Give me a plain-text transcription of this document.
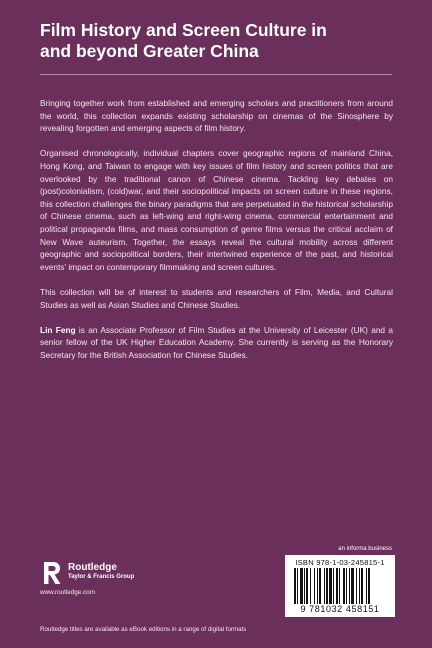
Film History and Screen Culture in
and beyond Greater China

Bringing together work from established and emerging scholars and practitioners from around the world, this collection expands existing scholarship on cinemas of the Sinosphere by revealing forgotten and emerging aspects of film history.

Organised chronologically, individual chapters cover geographic regions of mainland China, Hong Kong, and Taiwan to engage with key issues of film history and screen politics that are overlooked by the traditional canon of Chinese cinema. Tackling key debates on (post)colonialism, (cold)war, and their sociopolitical impacts on screen culture in these regions, this collection challenges the binary paradigms that are perpetuated in the historical scholarship of Chinese cinema, such as left-wing and right-wing cinema, commercial entertainment and political propaganda films, and mass consumption of genre films versus the critical acclaim of New Wave auteurism. Together, the essays reveal the cultural mobility across different geographic and sociopolitical borders, their intertwined experience of the past, and historical events' impact on contemporary filmmaking and screen cultures.

This collection will be of interest to students and researchers of Film, Media, and Cultural Studies as well as Asian Studies and Chinese Studies.

Lin Feng is an Associate Professor of Film Studies at the University of Leicester (UK) and a senior fellow of the UK Higher Education Academy. She currently is serving as the Honorary Secretary for the British Association for Chinese Studies.

Routledge
Taylor & Francis Group
www.routledge.com
an informa business
ISBN 978-1-03-245815-1
9 781032 458151
Routledge titles are available as eBook editions in a range of digital formats
